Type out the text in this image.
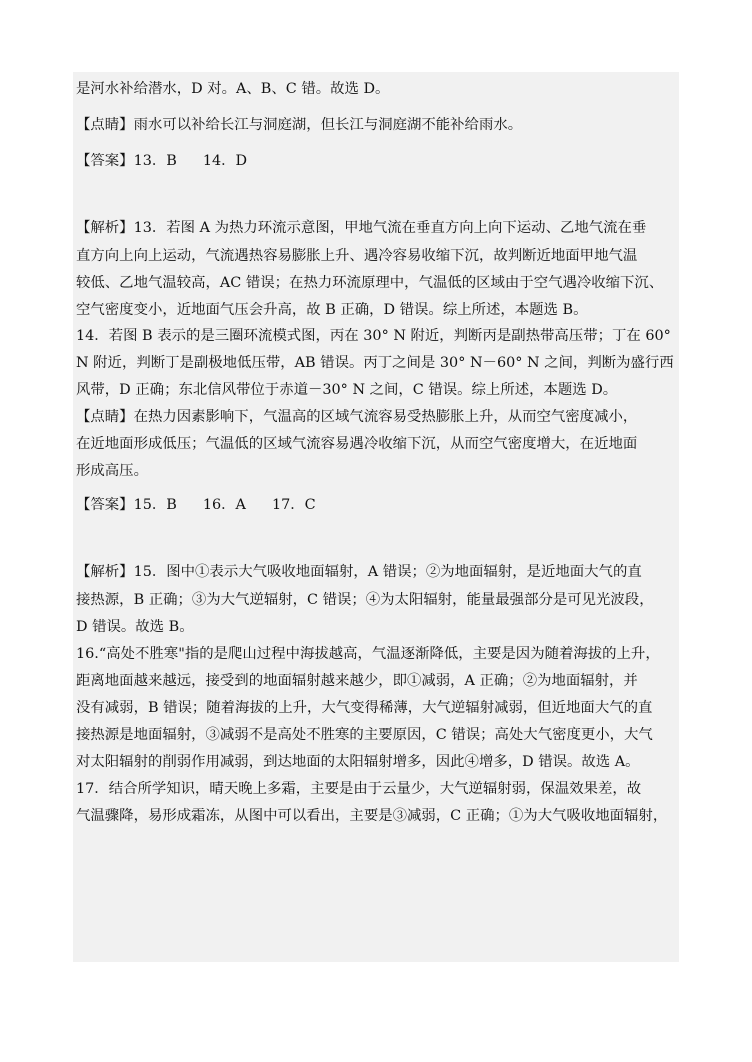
是河水补给潜水，D 对。A、B、C 错。故选 D。
【点睛】雨水可以补给长江与洞庭湖，但长江与洞庭湖不能补给雨水。
【答案】13．B 14．D
【解析】13．若图 A 为热力环流示意图，甲地气流在垂直方向上向下运动、乙地气流在垂
直方向上向上运动，气流遇热容易膨胀上升、遇冷容易收缩下沉，故判断近地面甲地气温
较低、乙地气温较高，AC 错误；在热力环流原理中，气温低的区域由于空气遇冷收缩下沉、
空气密度变小，近地面气压会升高，故 B 正确，D 错误。综上所述，本题选 B。
14．若图 B 表示的是三圈环流模式图，丙在 30° N 附近，判断丙是副热带高压带；丁在 60°
N 附近，判断丁是副极地低压带，AB 错误。丙丁之间是 30° N－60° N 之间，判断为盛行西
风带，D 正确；东北信风带位于赤道－30° N 之间，C 错误。综上所述，本题选 D。
【点睛】在热力因素影响下，气温高的区域气流容易受热膨胀上升，从而空气密度减小，
在近地面形成低压；气温低的区域气流容易遇冷收缩下沉，从而空气密度增大，在近地面
形成高压。
【答案】15．B 16．A 17．C
【解析】15．图中①表示大气吸收地面辐射，A 错误；②为地面辐射，是近地面大气的直
接热源，B 正确；③为大气逆辐射，C 错误；④为太阳辐射，能量最强部分是可见光波段，
D 错误。故选 B。
16.“高处不胜寒"指的是爬山过程中海拔越高，气温逐渐降低，主要是因为随着海拔的上升，
距离地面越来越远，接受到的地面辐射越来越少，即①减弱，A 正确；②为地面辐射，并
没有减弱，B 错误；随着海拔的上升，大气变得稀薄，大气逆辐射减弱，但近地面大气的直
接热源是地面辐射，③减弱不是高处不胜寒的主要原因，C 错误；高处大气密度更小，大气
对太阳辐射的削弱作用减弱，到达地面的太阳辐射增多，因此④增多，D 错误。故选 A。
17．结合所学知识，晴天晚上多霜，主要是由于云量少，大气逆辐射弱，保温效果差，故
气温骤降，易形成霜冻，从图中可以看出，主要是③减弱，C 正确；①为大气吸收地面辐射，
